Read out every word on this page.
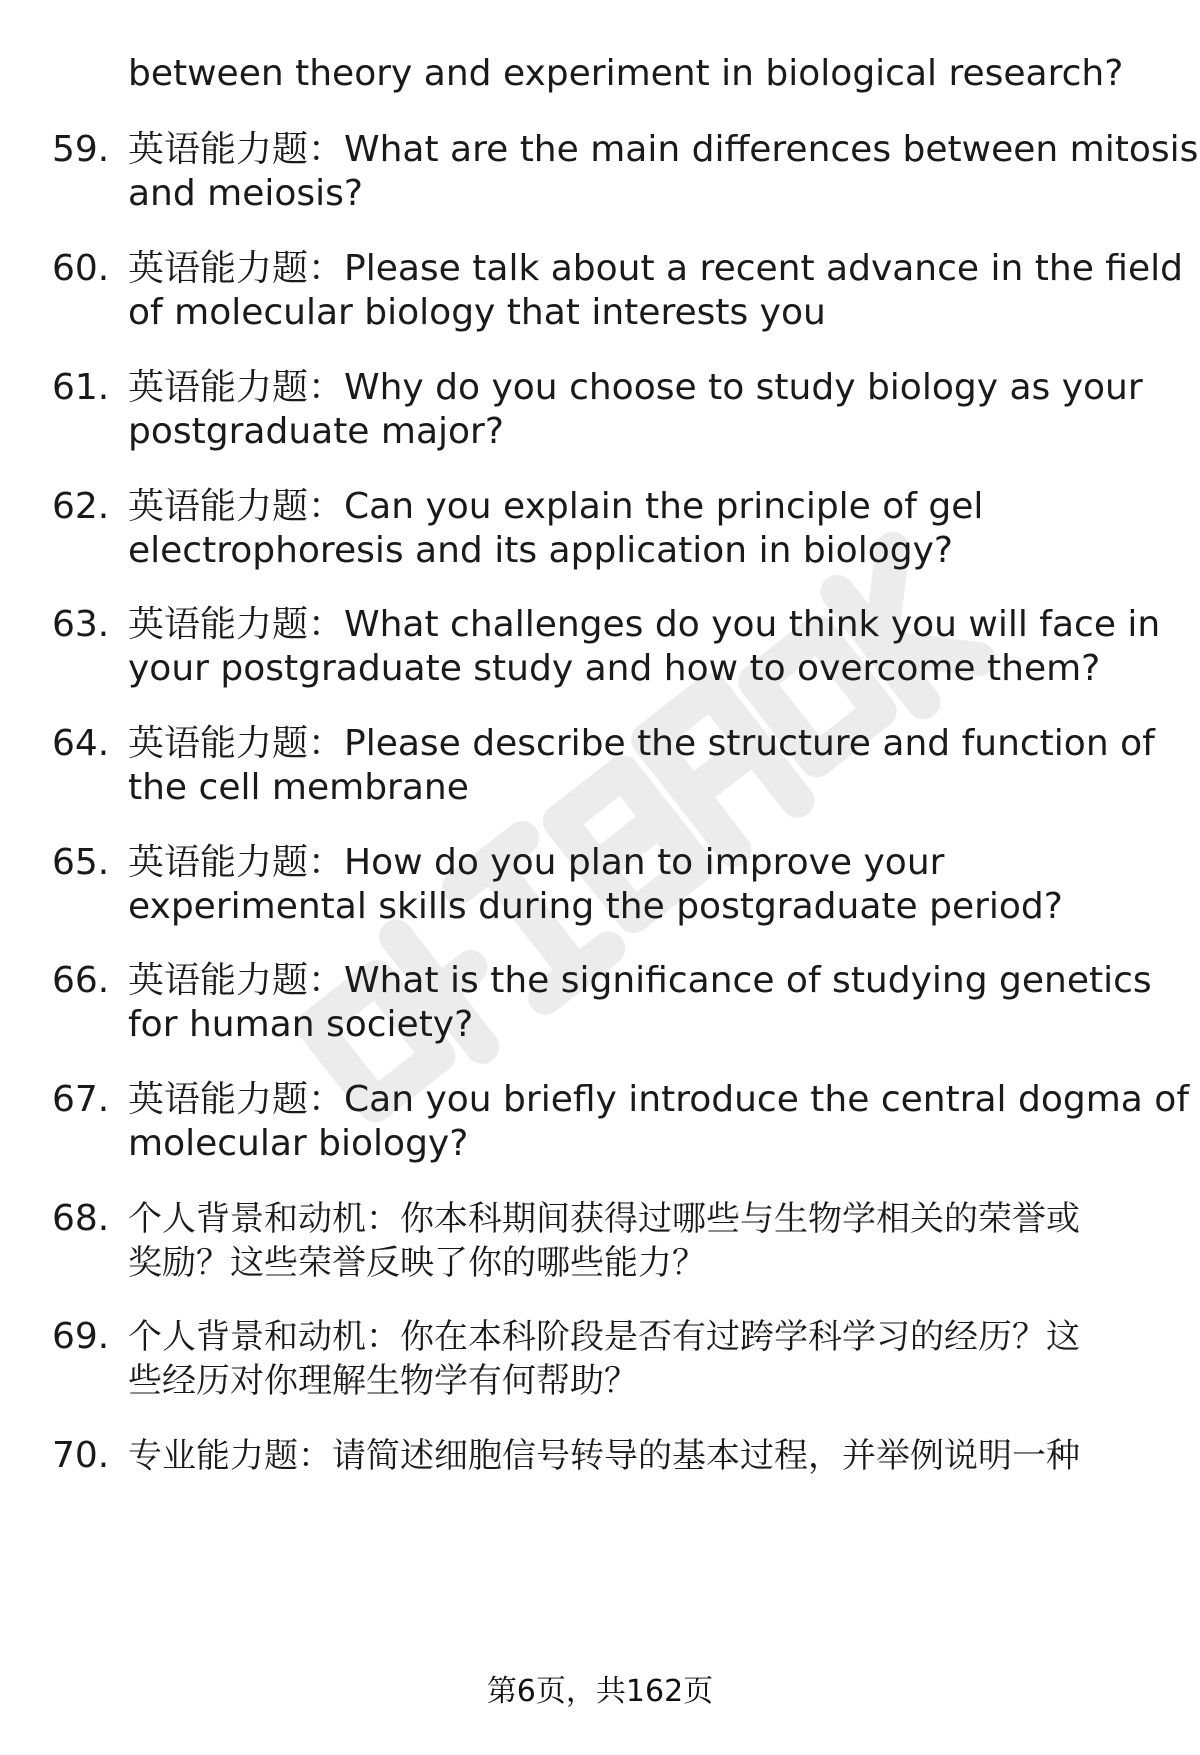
between theory and experiment in biological research?
59. 英语能力题：What are the main differences between mitosis
and meiosis?
60. 英语能力题：Please talk about a recent advance in the field
of molecular biology that interests you
61. 英语能力题：Why do you choose to study biology as your
postgraduate major?
62. 英语能力题：Can you explain the principle of gel
electrophoresis and its application in biology?
63. 英语能力题：What challenges do you think you will face in
your postgraduate study and how to overcome them?
64. 英语能力题：Please describe the structure and function of
the cell membrane
65. 英语能力题：How do you plan to improve your
experimental skills during the postgraduate period?
66. 英语能力题：What is the significance of studying genetics
for human society?
67. 英语能力题：Can you briefly introduce the central dogma of
molecular biology?
68. 个人背景和动机：你本科期间获得过哪些与生物学相关的荣誉或
奖励？这些荣誉反映了你的哪些能力？
69. 个人背景和动机：你在本科阶段是否有过跨学科学习的经历？这
些经历对你理解生物学有何帮助？
70. 专业能力题：请简述细胞信号转导的基本过程，并举例说明一种
第6页，共162页
